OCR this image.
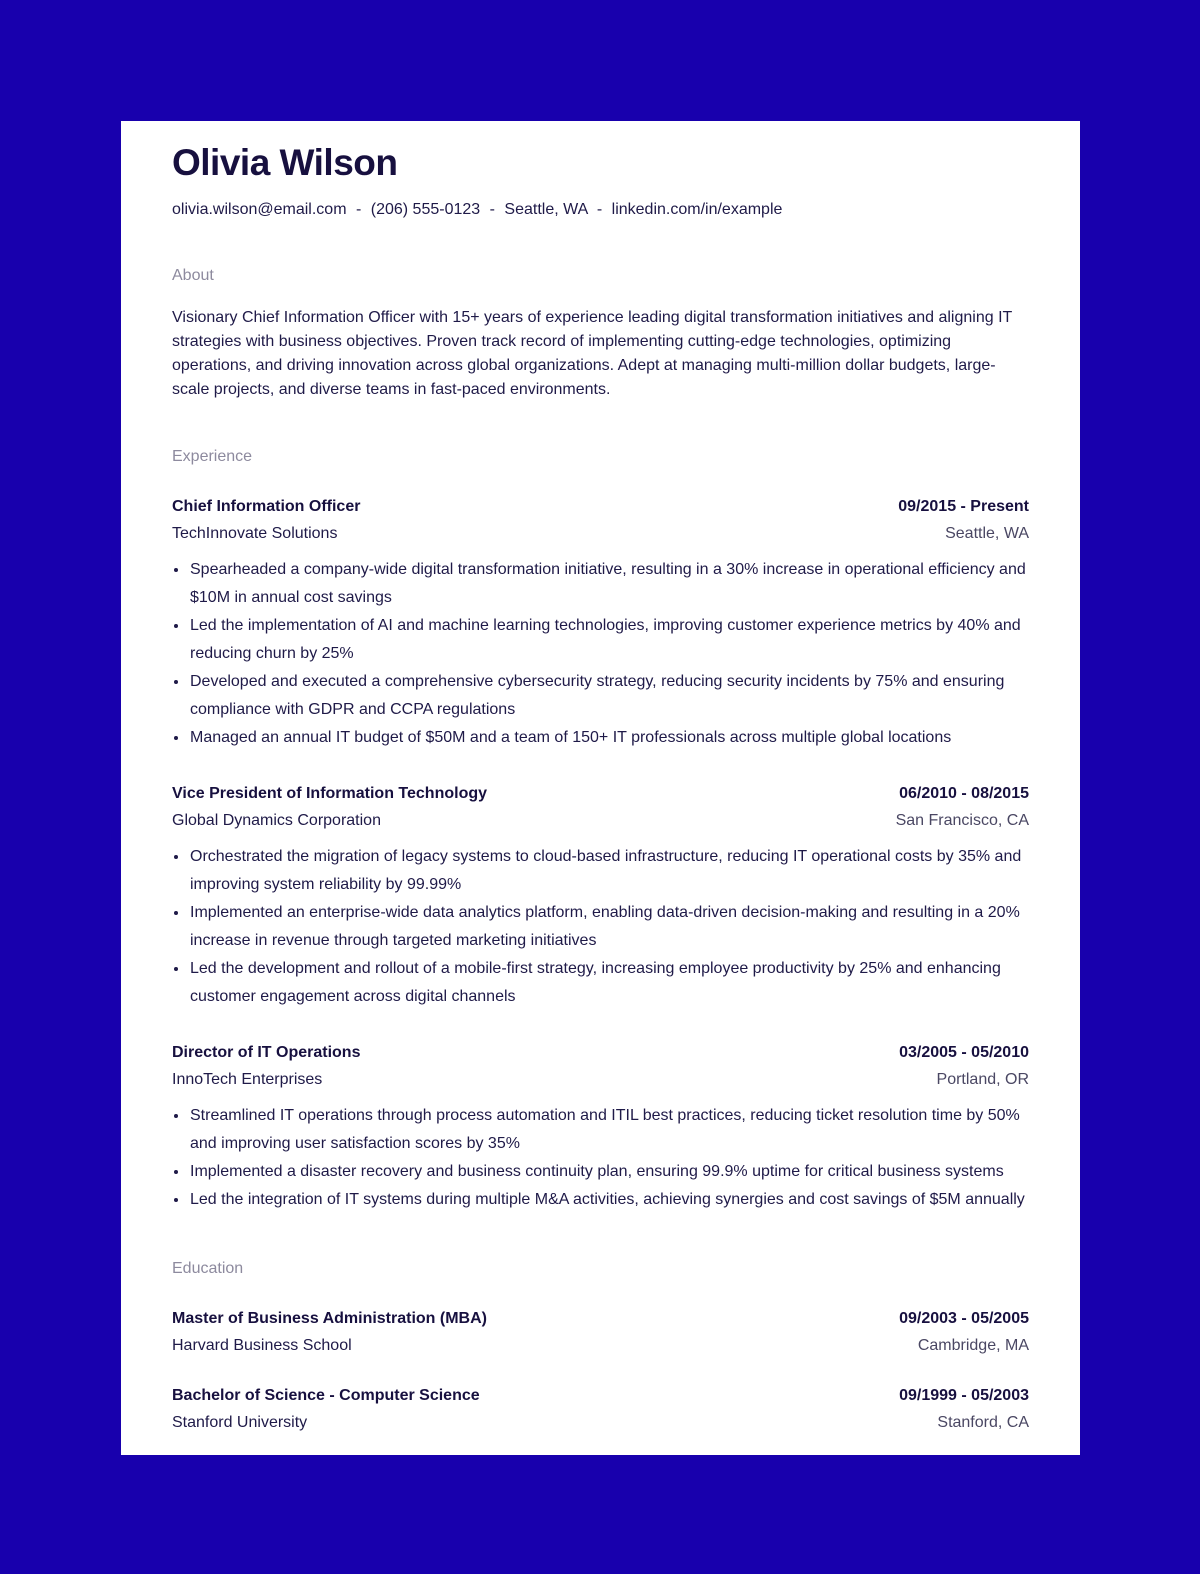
Olivia Wilson
olivia.wilson@email.com - (206) 555-0123 - Seattle, WA - linkedin.com/in/example
About
Visionary Chief Information Officer with 15+ years of experience leading digital transformation initiatives and aligning IT strategies with business objectives. Proven track record of implementing cutting-edge technologies, optimizing operations, and driving innovation across global organizations. Adept at managing multi-million dollar budgets, large-scale projects, and diverse teams in fast-paced environments.
Experience
Chief Information Officer	09/2015 - Present
TechInnovate Solutions	Seattle, WA
• Spearheaded a company-wide digital transformation initiative, resulting in a 30% increase in operational efficiency and $10M in annual cost savings
• Led the implementation of AI and machine learning technologies, improving customer experience metrics by 40% and reducing churn by 25%
• Developed and executed a comprehensive cybersecurity strategy, reducing security incidents by 75% and ensuring compliance with GDPR and CCPA regulations
• Managed an annual IT budget of $50M and a team of 150+ IT professionals across multiple global locations
Vice President of Information Technology	06/2010 - 08/2015
Global Dynamics Corporation	San Francisco, CA
• Orchestrated the migration of legacy systems to cloud-based infrastructure, reducing IT operational costs by 35% and improving system reliability by 99.99%
• Implemented an enterprise-wide data analytics platform, enabling data-driven decision-making and resulting in a 20% increase in revenue through targeted marketing initiatives
• Led the development and rollout of a mobile-first strategy, increasing employee productivity by 25% and enhancing customer engagement across digital channels
Director of IT Operations	03/2005 - 05/2010
InnoTech Enterprises	Portland, OR
• Streamlined IT operations through process automation and ITIL best practices, reducing ticket resolution time by 50% and improving user satisfaction scores by 35%
• Implemented a disaster recovery and business continuity plan, ensuring 99.9% uptime for critical business systems
• Led the integration of IT systems during multiple M&A activities, achieving synergies and cost savings of $5M annually
Education
Master of Business Administration (MBA)	09/2003 - 05/2005
Harvard Business School	Cambridge, MA
Bachelor of Science - Computer Science	09/1999 - 05/2003
Stanford University	Stanford, CA
